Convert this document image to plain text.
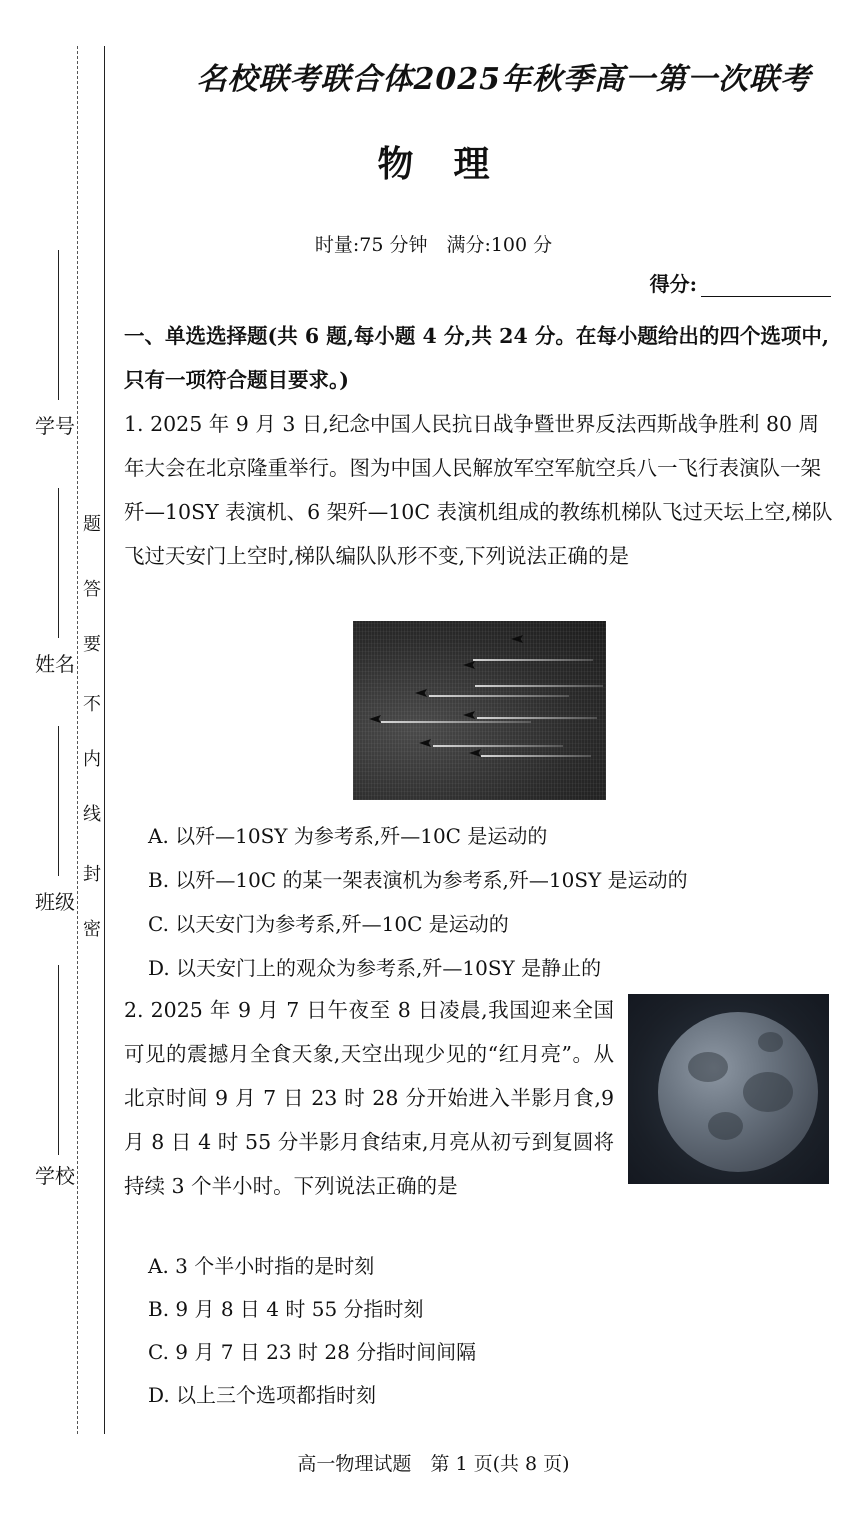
学号
姓名
班级
学校
密
封
线
内
不
要
答
题
名校联考联合体2025年秋季高一第一次联考
物理
时量:75 分钟　满分:100 分
得分:
一、单选选择题(共 6 题,每小题 4 分,共 24 分。在每小题给出的四个选项中,只有一项符合题目要求。)
1. 2025 年 9 月 3 日,纪念中国人民抗日战争暨世界反法西斯战争胜利 80 周年大会在北京隆重举行。图为中国人民解放军空军航空兵八一飞行表演队一架歼—10SY 表演机、6 架歼—10C 表演机组成的教练机梯队飞过天坛上空,梯队飞过天安门上空时,梯队编队队形不变,下列说法正确的是
A. 以歼—10SY 为参考系,歼—10C 是运动的
B. 以歼—10C 的某一架表演机为参考系,歼—10SY 是运动的
C. 以天安门为参考系,歼—10C 是运动的
D. 以天安门上的观众为参考系,歼—10SY 是静止的
2. 2025 年 9 月 7 日午夜至 8 日凌晨,我国迎来全国可见的震撼月全食天象,天空出现少见的“红月亮”。从北京时间 9 月 7 日 23 时 28 分开始进入半影月食,9 月 8 日 4 时 55 分半影月食结束,月亮从初亏到复圆将持续 3 个半小时。下列说法正确的是
A. 3 个半小时指的是时刻
B. 9 月 8 日 4 时 55 分指时刻
C. 9 月 7 日 23 时 28 分指时间间隔
D. 以上三个选项都指时刻
高一物理试题　第 1 页(共 8 页)
